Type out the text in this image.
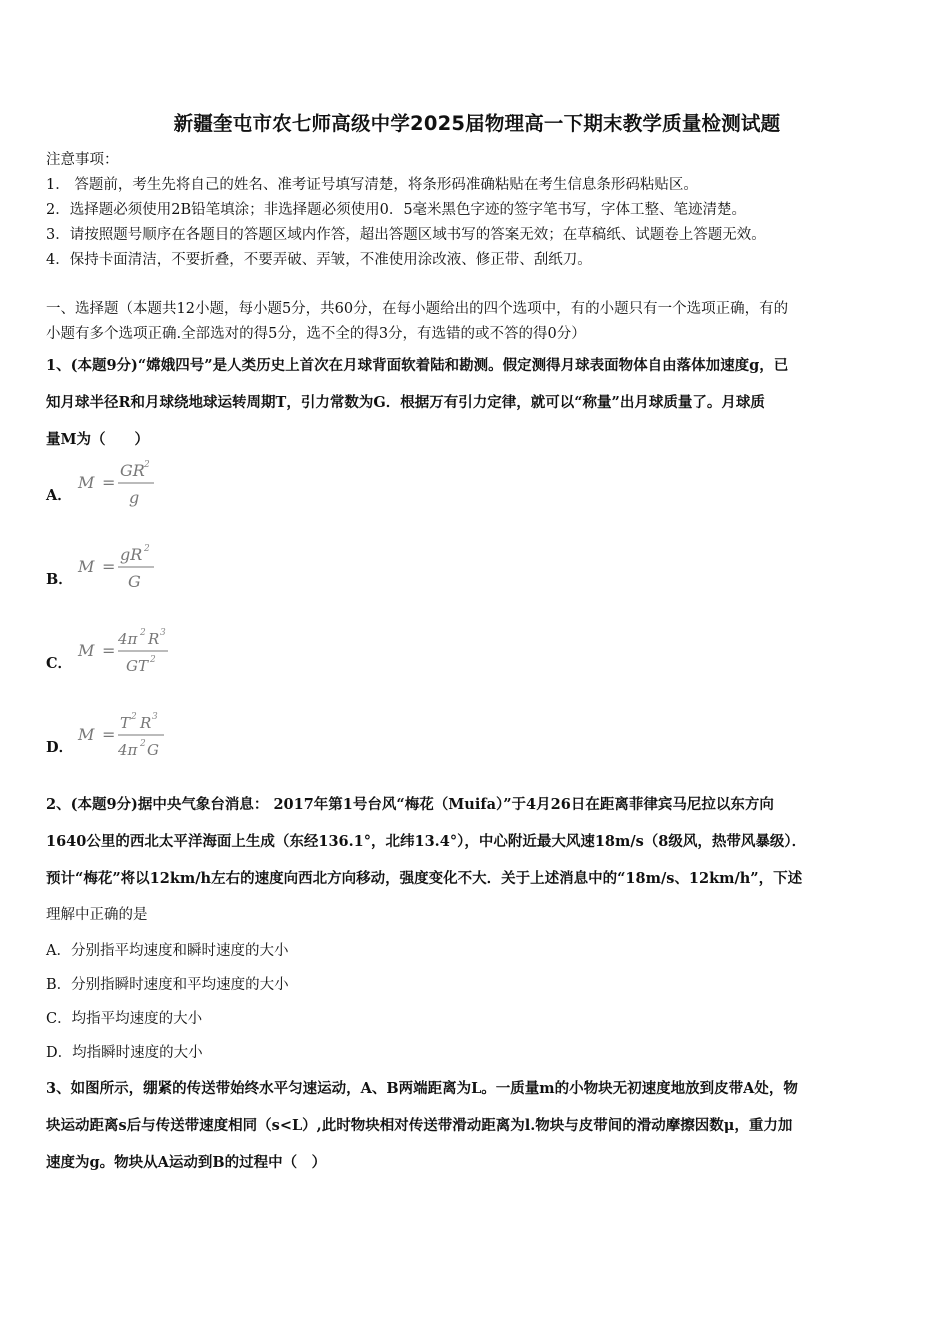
新疆奎屯市农七师高级中学2025届物理高一下期末教学质量检测试题
注意事项：
1． 答题前，考生先将自己的姓名、准考证号填写清楚，将条形码准确粘贴在考生信息条形码粘贴区。
2．选择题必须使用2B铅笔填涂；非选择题必须使用0．5毫米黑色字迹的签字笔书写，字体工整、笔迹清楚。
3．请按照题号顺序在各题目的答题区域内作答，超出答题区域书写的答案无效；在草稿纸、试题卷上答题无效。
4．保持卡面清洁，不要折叠，不要弄破、弄皱，不准使用涂改液、修正带、刮纸刀。
一、选择题（本题共12小题，每小题5分，共60分，在每小题给出的四个选项中，有的小题只有一个选项正确，有的
小题有多个选项正确.全部选对的得5分，选不全的得3分，有选错的或不答的得0分）
1、(本题9分)“嫦娥四号”是人类历史上首次在月球背面软着陆和勘测。假定测得月球表面物体自由落体加速度g，已
知月球半径R和月球绕地球运转周期T，引力常数为G．根据万有引力定律，就可以“称量”出月球质量了。月球质
量M为（　　）
A．
M =
GR 2
g
B．
M =
gR 2
G
C．
M =
4π 2 R 3
GT 2
D．
M =
T 2 R 3
4π 2 G
2、(本题9分)据中央气象台消息： 2017年第1号台风“梅花（Muifa）”于4月26日在距离菲律宾马尼拉以东方向
1640公里的西北太平洋海面上生成（东经136.1°，北纬13.4°），中心附近最大风速18m/s（8级风，热带风暴级）．
预计“梅花”将以12km/h左右的速度向西北方向移动，强度变化不大．关于上述消息中的“18m/s、12km/h”，下述
理解中正确的是
A．分别指平均速度和瞬时速度的大小
B．分别指瞬时速度和平均速度的大小
C．均指平均速度的大小
D．均指瞬时速度的大小
3、如图所示，绷紧的传送带始终水平匀速运动，A、B两端距离为L。一质量m的小物块无初速度地放到皮带A处，物
块运动距离s后与传送带速度相同（s<L）,此时物块相对传送带滑动距离为l.物块与皮带间的滑动摩擦因数μ，重力加
速度为g。物块从A运动到B的过程中（　）
